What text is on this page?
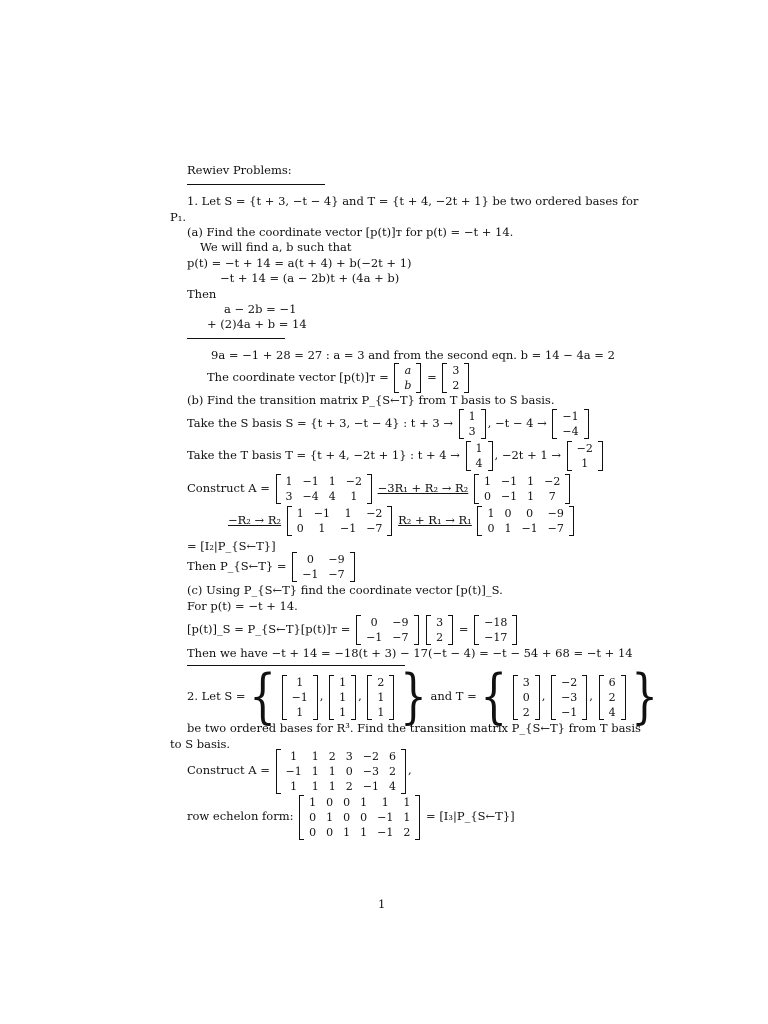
Rewiev Problems:
1. Let S = {t + 3, −t − 4} and T = {t + 4, −2t + 1} be two ordered bases for
P₁.
(a) Find the coordinate vector [p(t)]ᴛ for p(t) = −t + 14.
We will find a, b such that
p(t) = −t + 14 = a(t + 4) + b(−2t + 1)
−t + 14 = (a − 2b)t + (4a + b)
Then
a − 2b = −1
+ (2)4a + b = 14
9a = −1 + 28 = 27 : a = 3 and from the second eqn. b = 14 − 4a = 2
The coordinate vector [p(t)]ᴛ = a
b
= 3
2
(b) Find the transition matrix P_{S←T} from T basis to S basis.
Take the S basis S = {t + 3, −t − 4} : t + 3 → 1
3
, −t − 4 → −1
−4
Take the T basis T = {t + 4, −2t + 1} : t + 4 → 1
4
, −2t + 1 → −2
1
Construct A = 1	−1	1	−2
3	−4	4	1
−3R₁ + R₂ → R₂ 1	−1	1	−2
0	−1	1	7
−R₂ → R₂ 1	−1	1	−2
0	1	−1	−7
R₂ + R₁ → R₁ 1	0	0	−9
0	1	−1	−7
= [I₂|P_{S←T}]
Then P_{S←T} = 0	−9
−1	−7
(c) Using P_{S←T} find the coordinate vector [p(t)]_S.
For p(t) = −t + 14.
[p(t)]_S = P_{S←T}[p(t)]ᴛ = 0	−9
−1	−7

3
2
= −18
−17
Then we have −t + 14 = −18(t + 3) − 17(−t − 4) = −t − 54 + 68 = −t + 14
2. Let S = { 1
−1
1
,
1
1
1
,
2
1
1 } and T = { 3
0
2
,
−2
−3
−1
,
6
2
4 }
be two ordered bases for R³. Find the transition matrix P_{S←T} from T basis
to S basis.
Construct A =
1	1	2	3	−2	6
−1	1	1	0	−3	2
1	1	1	2	−1	4
,
row echelon form:
1	0	0	1	1	1
0	1	0	0	−1	1
0	0	1	1	−1	2
= [I₃|P_{S←T}]
1
